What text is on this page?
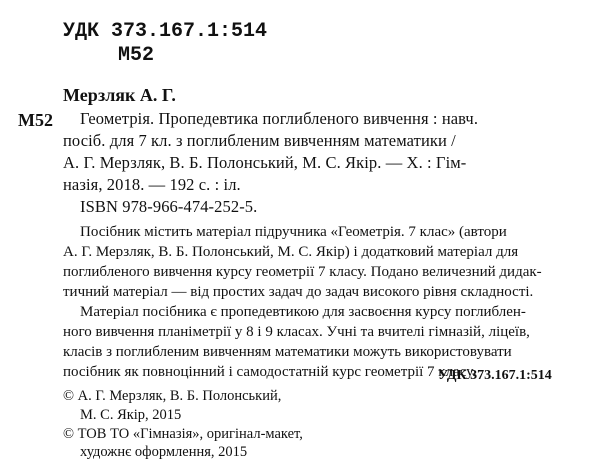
УДК 373.167.1:514
М52
Мерзляк А. Г.
М52 Геометрія. Пропедевтика поглибленого вивчення : навч.
посіб. для 7 кл. з поглибленим вивченням математики /
А. Г. Мерзляк, В. Б. Полонський, М. С. Якір. — Х. : Гім-
назія, 2018. — 192 с. : іл.
ISBN 978-966-474-252-5.
Посібник містить матеріал підручника «Геометрія. 7 клас» (автори
А. Г. Мерзляк, В. Б. Полонський, М. С. Якір) і додатковий матеріал для
поглибленого вивчення курсу геометрії 7 класу. Подано величезний дидак-
тичний матеріал — від простих задач до задач високого рівня складності.
Матеріал посібника є пропедевтикою для засвоєння курсу поглиблен-
ного вивчення планіметрії у 8 і 9 класах. Учні та вчителі гімназій, ліцеїв,
класів з поглибленим вивченням математики можуть використовувати
посібник як повноцінний і самодостатній курс геометрії 7 класу.
УДК 373.167.1:514
© А. Г. Мерзляк, В. Б. Полонський,
М. С. Якір, 2015
© ТОВ ТО «Гімназія», оригінал-макет,
художнє оформлення, 2015
